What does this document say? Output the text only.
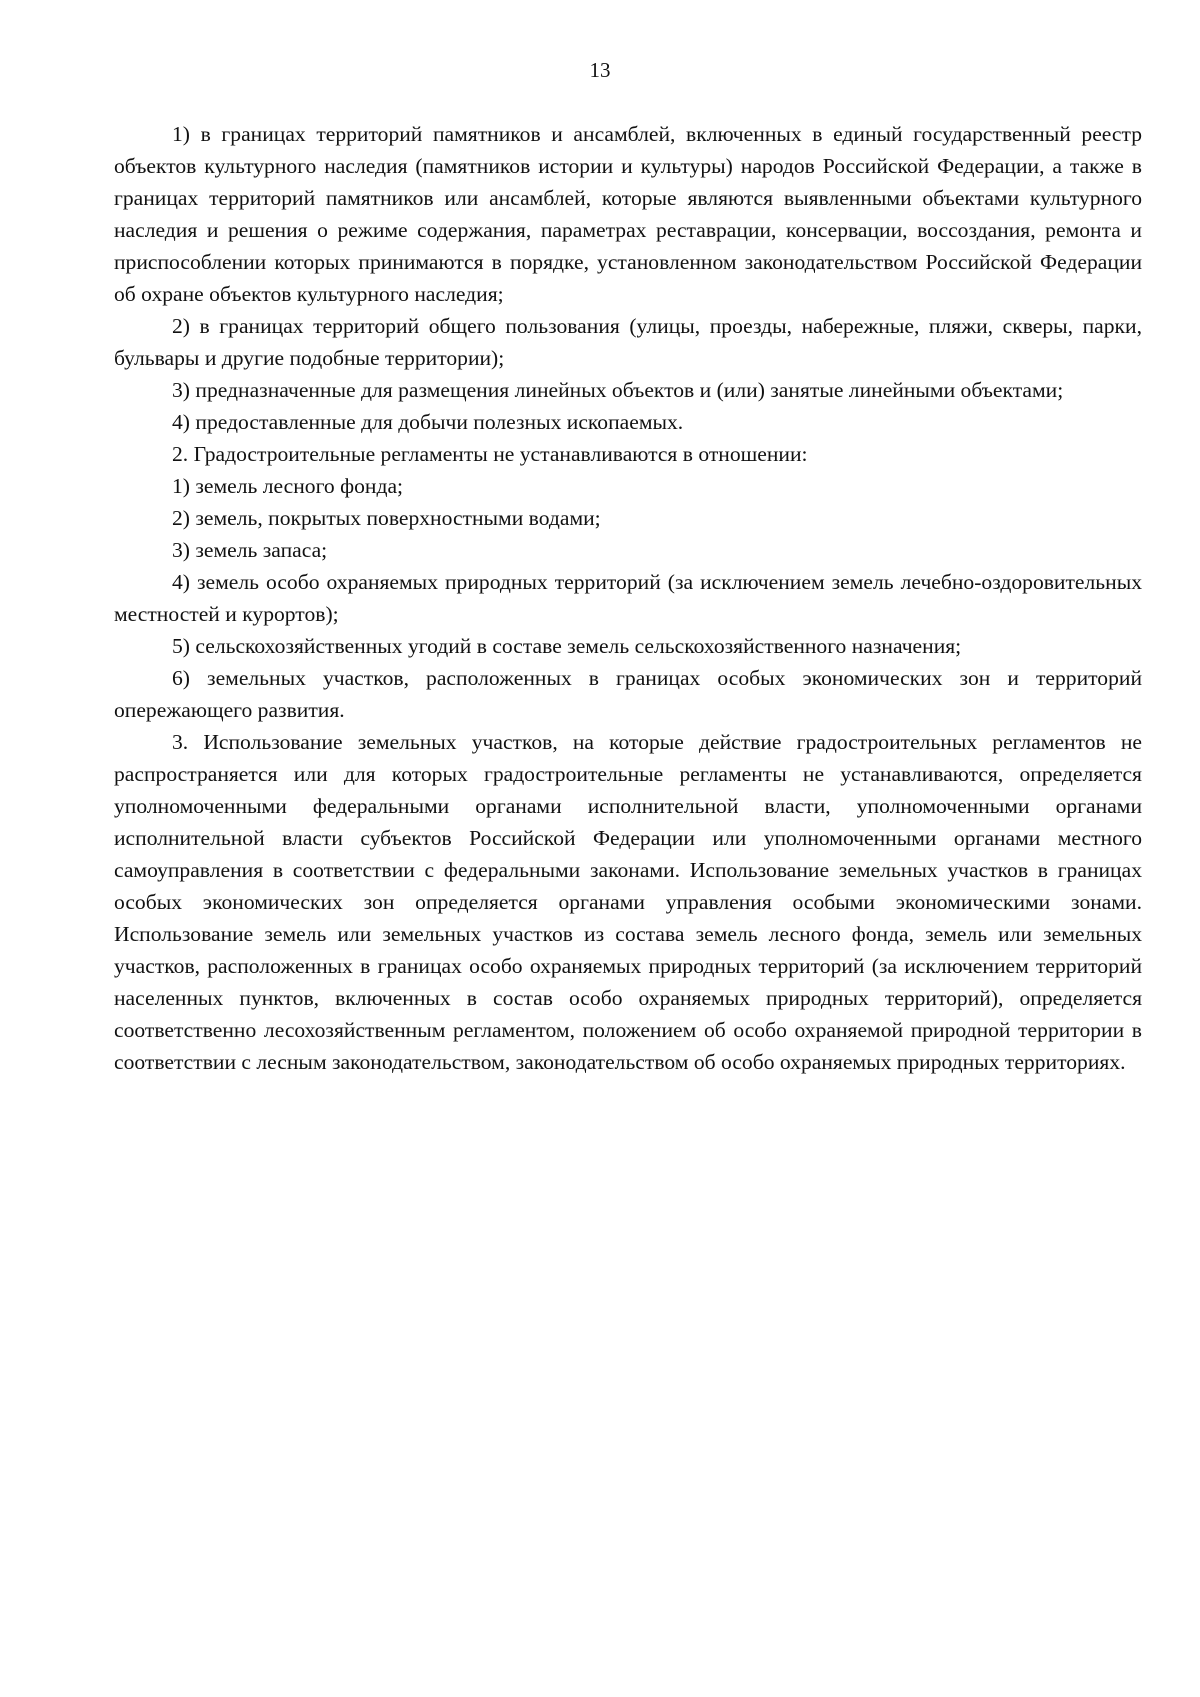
13

1) в границах территорий памятников и ансамблей, включенных в единый государственный реестр объектов культурного наследия (памятников истории и культуры) народов Российской Федерации, а также в границах территорий памятников или ансамблей, которые являются выявленными объектами культурного наследия и решения о режиме содержания, параметрах реставрации, консервации, воссоздания, ремонта и приспособлении которых принимаются в порядке, установленном законодательством Российской Федерации об охране объектов культурного наследия;

2) в границах территорий общего пользования (улицы, проезды, набережные, пляжи, скверы, парки, бульвары и другие подобные территории);

3) предназначенные для размещения линейных объектов и (или) занятые линейными объектами;

4) предоставленные для добычи полезных ископаемых.

2. Градостроительные регламенты не устанавливаются в отношении:

1) земель лесного фонда;

2) земель, покрытых поверхностными водами;

3) земель запаса;

4) земель особо охраняемых природных территорий (за исключением земель лечебно-оздоровительных местностей и курортов);

5) сельскохозяйственных угодий в составе земель сельскохозяйственного назначения;

6) земельных участков, расположенных в границах особых экономических зон и территорий опережающего развития.

3. Использование земельных участков, на которые действие градостроительных регламентов не распространяется или для которых градостроительные регламенты не устанавливаются, определяется уполномоченными федеральными органами исполнительной власти, уполномоченными органами исполнительной власти субъектов Российской Федерации или уполномоченными органами местного самоуправления в соответствии с федеральными законами. Использование земельных участков в границах особых экономических зон определяется органами управления особыми экономическими зонами. Использование земель или земельных участков из состава земель лесного фонда, земель или земельных участков, расположенных в границах особо охраняемых природных территорий (за исключением территорий населенных пунктов, включенных в состав особо охраняемых природных территорий), определяется соответственно лесохозяйственным регламентом, положением об особо охраняемой природной территории в соответствии с лесным законодательством, законодательством об особо охраняемых природных территориях.
